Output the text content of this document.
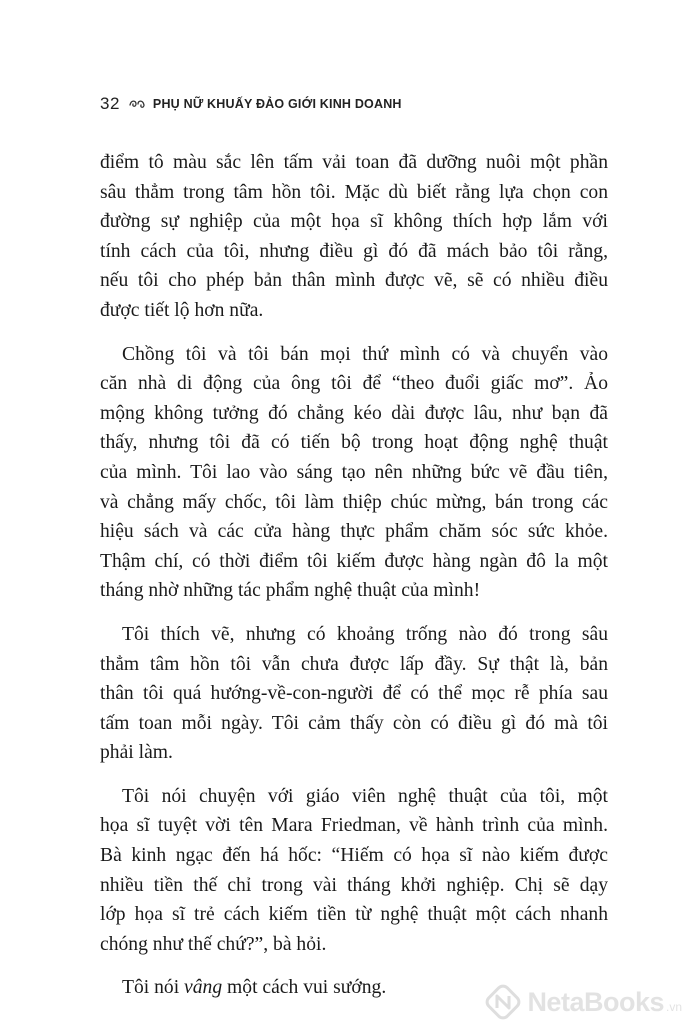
32	PHỤ NỮ KHUẤY ĐẢO GIỚI KINH DOANH

điểm tô màu sắc lên tấm vải toan đã dưỡng nuôi một phần
sâu thẳm trong tâm hồn tôi. Mặc dù biết rằng lựa chọn con
đường sự nghiệp của một họa sĩ không thích hợp lắm với
tính cách của tôi, nhưng điều gì đó đã mách bảo tôi rằng,
nếu tôi cho phép bản thân mình được vẽ, sẽ có nhiều điều
được tiết lộ hơn nữa.

Chồng tôi và tôi bán mọi thứ mình có và chuyển vào
căn nhà di động của ông tôi để “theo đuổi giấc mơ”. Ảo
mộng không tưởng đó chẳng kéo dài được lâu, như bạn đã
thấy, nhưng tôi đã có tiến bộ trong hoạt động nghệ thuật
của mình. Tôi lao vào sáng tạo nên những bức vẽ đầu tiên,
và chẳng mấy chốc, tôi làm thiệp chúc mừng, bán trong các
hiệu sách và các cửa hàng thực phẩm chăm sóc sức khỏe.
Thậm chí, có thời điểm tôi kiếm được hàng ngàn đô la một
tháng nhờ những tác phẩm nghệ thuật của mình!

Tôi thích vẽ, nhưng có khoảng trống nào đó trong sâu
thẳm tâm hồn tôi vẫn chưa được lấp đầy. Sự thật là, bản
thân tôi quá hướng-về-con-người để có thể mọc rễ phía sau
tấm toan mỗi ngày. Tôi cảm thấy còn có điều gì đó mà tôi
phải làm.

Tôi nói chuyện với giáo viên nghệ thuật của tôi, một
họa sĩ tuyệt vời tên Mara Friedman, về hành trình của mình.
Bà kinh ngạc đến há hốc: “Hiếm có họa sĩ nào kiếm được
nhiều tiền thế chỉ trong vài tháng khởi nghiệp. Chị sẽ dạy
lớp họa sĩ trẻ cách kiếm tiền từ nghệ thuật một cách nhanh
chóng như thế chứ?”, bà hỏi.

Tôi nói vâng một cách vui sướng.	NetaBooks .vn
